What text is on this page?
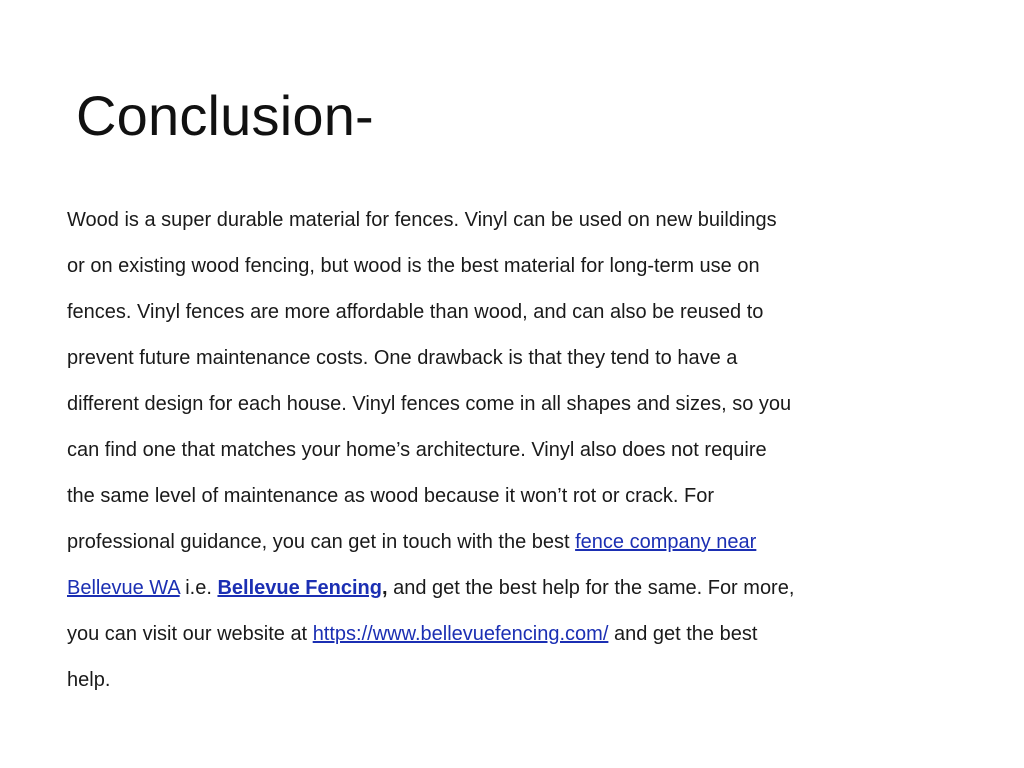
Conclusion-
Wood is a super durable material for fences. Vinyl can be used on new buildings
or on existing wood fencing, but wood is the best material for long-term use on
fences. Vinyl fences are more affordable than wood, and can also be reused to
prevent future maintenance costs. One drawback is that they tend to have a
different design for each house. Vinyl fences come in all shapes and sizes, so you
can find one that matches your home’s architecture. Vinyl also does not require
the same level of maintenance as wood because it won’t rot or crack. For
professional guidance, you can get in touch with the best fence company near
Bellevue WA i.e. Bellevue Fencing, and get the best help for the same. For more,
you can visit our website at https://www.bellevuefencing.com/ and get the best
help.
